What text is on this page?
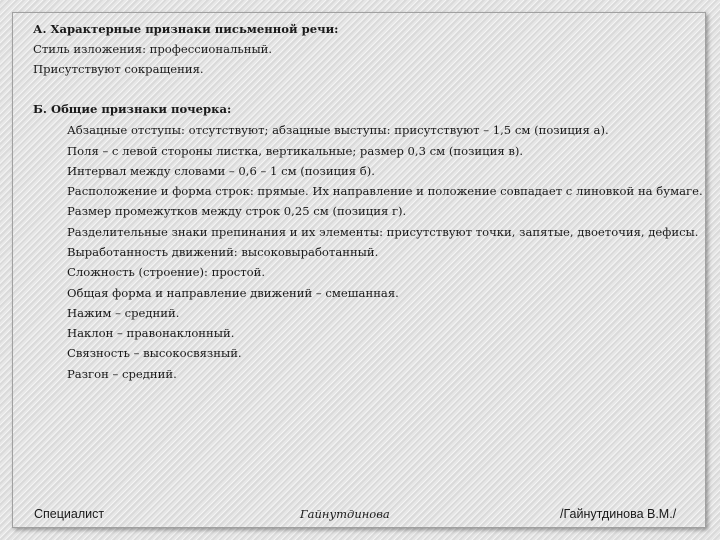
А. Характерные признаки письменной речи:
Стиль изложения: профессиональный.
Присутствуют сокращения.
Б. Общие признаки почерка:
Абзацные отступы: отсутствуют; абзацные выступы: присутствуют – 1,5 см (позиция а).
Поля – с левой стороны листка, вертикальные; размер 0,3 см (позиция в).
Интервал между словами – 0,6 – 1 см (позиция б).
Расположение и форма строк: прямые. Их направление и положение совпадает с линовкой на бумаге.
Размер промежутков между строк 0,25 см (позиция г).
Разделительные знаки препинания и их элементы: присутствуют точки, запятые, двоеточия, дефисы.
Выработанность движений: высоковыработанный.
Сложность (строение): простой.
Общая форма и направление движений – смешанная.
Нажим – средний.
Наклон – правонаклонный.
Связность – высокосвязный.
Разгон – средний.
Специалист	Гайнутдинова	/Гайнутдинова В.М./
